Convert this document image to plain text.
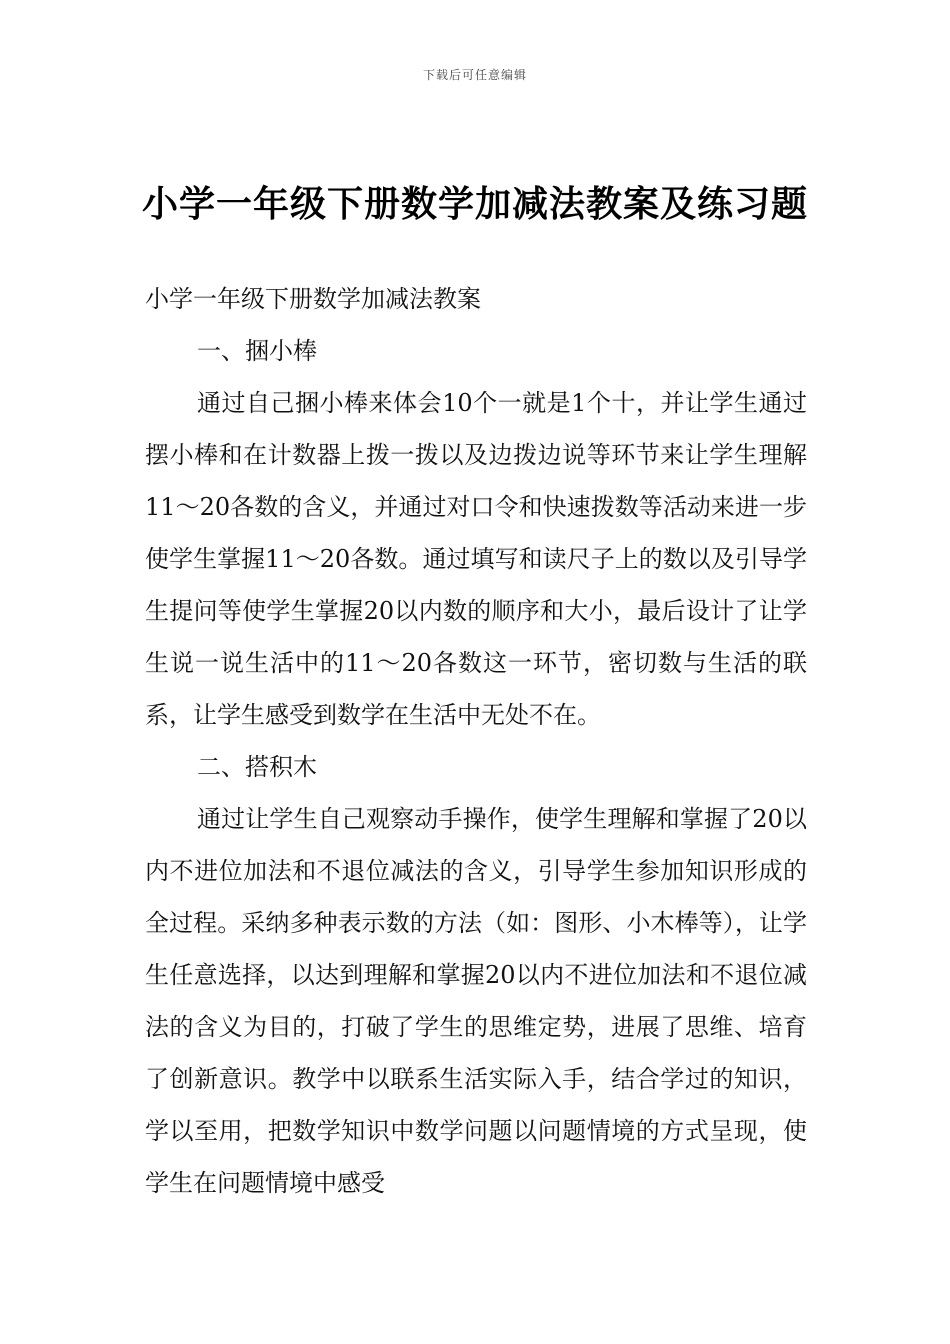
下载后可任意编辑
小学一年级下册数学加减法教案及练习题

小学一年级下册数学加减法教案

一、捆小棒

通过自己捆小棒来体会10个一就是1个十，并让学生通过摆小棒和在计数器上拨一拨以及边拨边说等环节来让学生理解11～20各数的含义，并通过对口令和快速拨数等活动来进一步使学生掌握11～20各数。通过填写和读尺子上的数以及引导学生提问等使学生掌握20以内数的顺序和大小，最后设计了让学生说一说生活中的11～20各数这一环节，密切数与生活的联系，让学生感受到数学在生活中无处不在。

二、搭积木

通过让学生自己观察动手操作，使学生理解和掌握了20以内不进位加法和不退位减法的含义，引导学生参加知识形成的全过程。采纳多种表示数的方法（如：图形、小木棒等），让学生任意选择，以达到理解和掌握20以内不进位加法和不退位减法的含义为目的，打破了学生的思维定势，进展了思维、培育了创新意识。教学中以联系生活实际入手，结合学过的知识，学以至用，把数学知识中数学问题以问题情境的方式呈现，使学生在问题情境中感受
